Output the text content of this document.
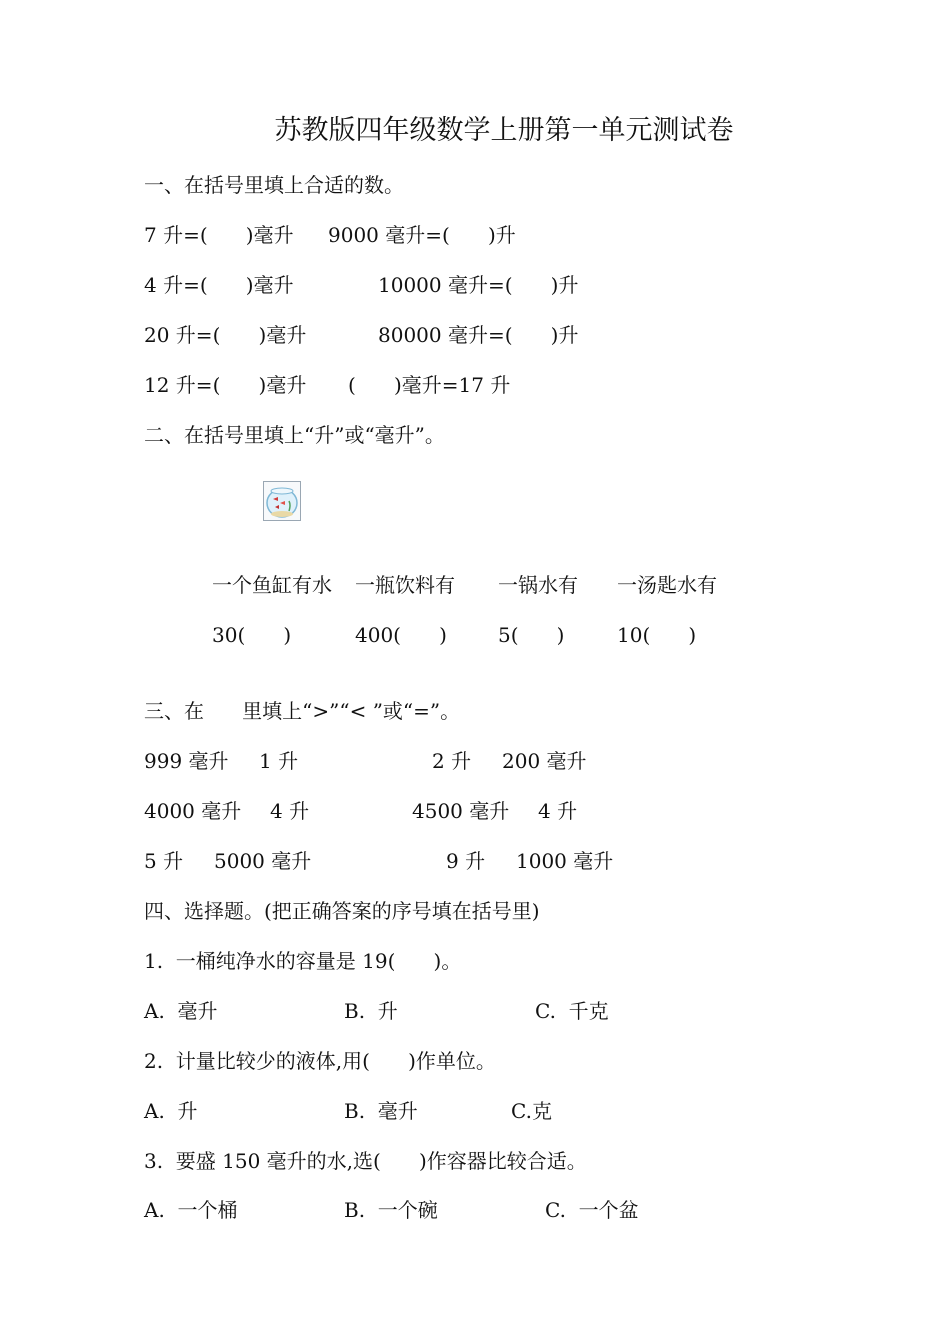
苏教版四年级数学上册第一单元测试卷
一、在括号里填上合适的数。
7 升=(      )毫升 9000 毫升=(      )升
4 升=(      )毫升	10000 毫升=(      )升
20 升=(      )毫升	80000 毫升=(      )升
12 升=(      )毫升 (      )毫升=17 升
二、在括号里填上“升”或“毫升”。
一个鱼缸有水 一瓶饮料有 一锅水有 一汤匙水有
30(      )	400(      )	5(      )	10(      )
三、在      里填上“>”“< ”或“=”。
999 毫升 1 升	2 升 200 毫升
4000 毫升 4 升	4500 毫升 4 升
5 升 5000 毫升	9 升 1000 毫升
四、选择题。(把正确答案的序号填在括号里)
1.  一桶纯净水的容量是 19(      )。
A.  毫升	B.  升	C.  千克
2.  计量比较少的液体,用(      )作单位。
A.  升	B.  毫升	C.克
3.  要盛 150 毫升的水,选(      )作容器比较合适。
A.  一个桶	B.  一个碗	C.  一个盆
